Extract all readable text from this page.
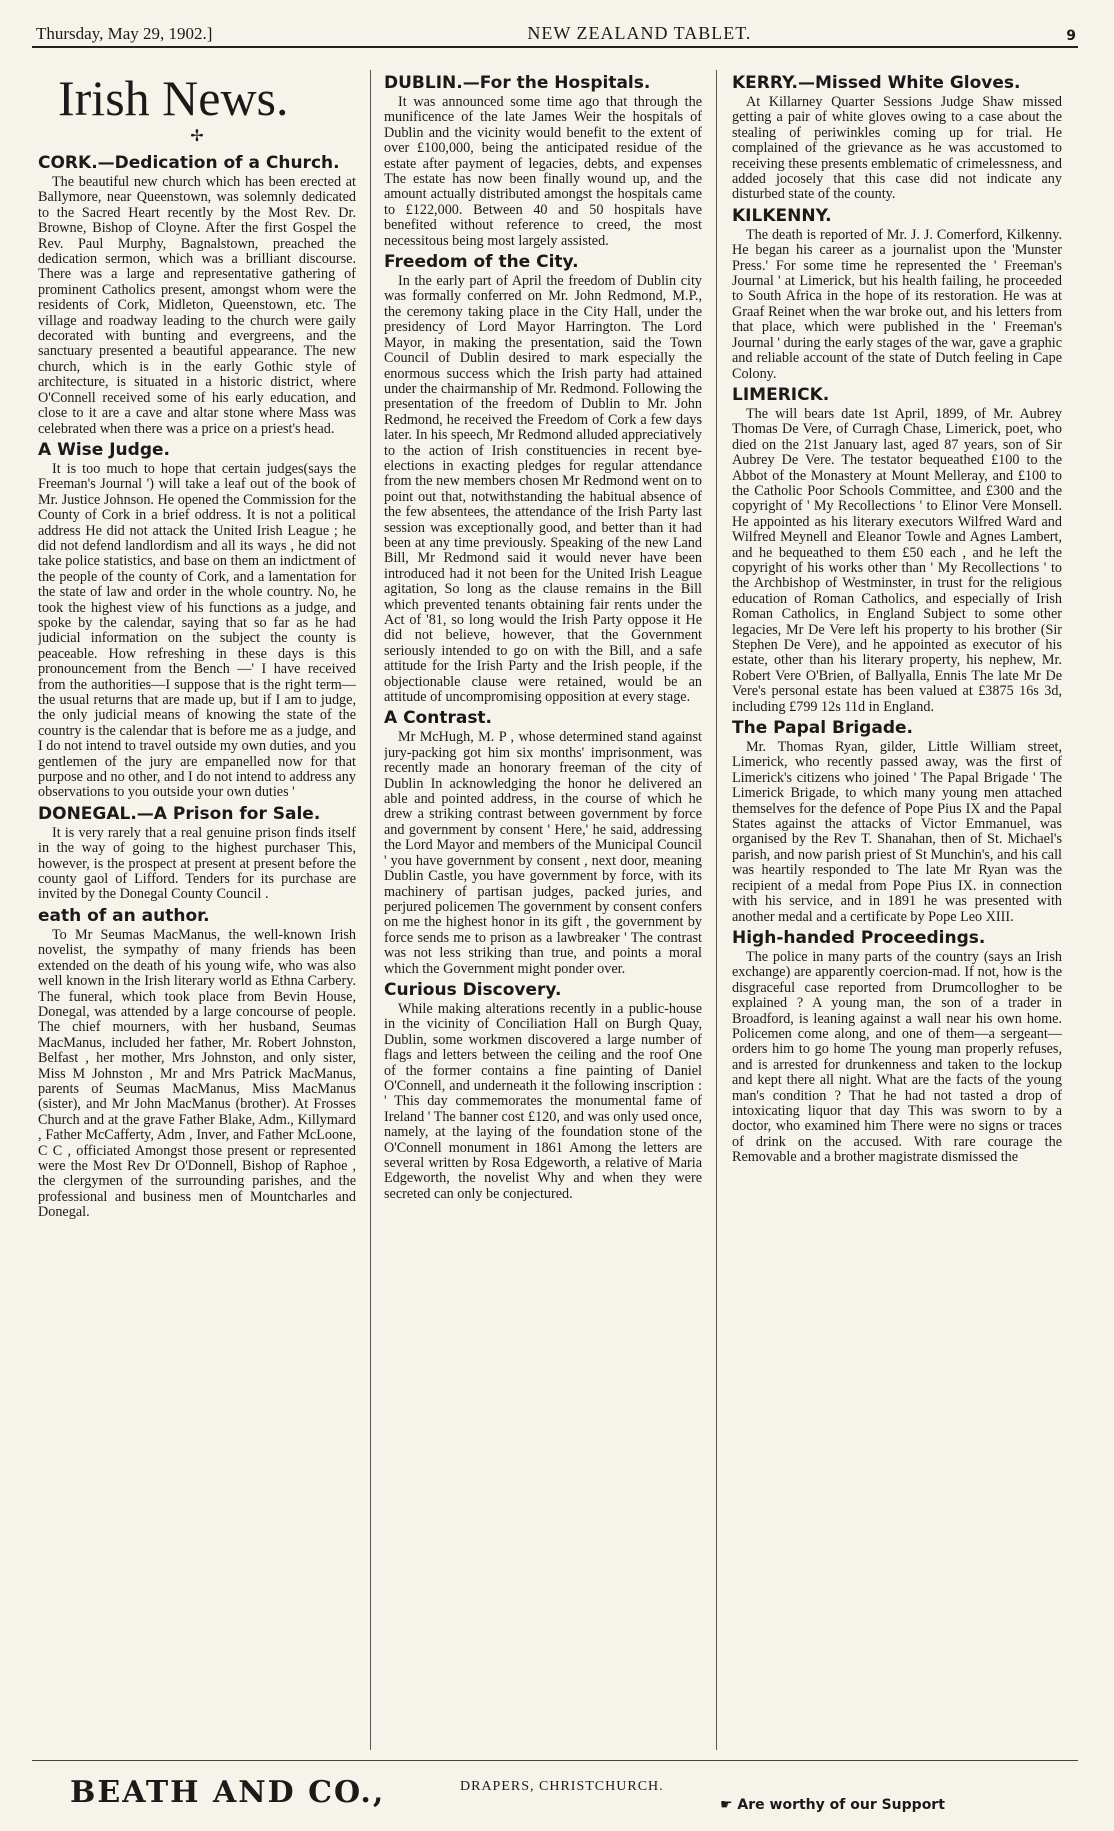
Thursday, May 29, 1902.]	NEW ZEALAND TABLET.	9
Irish News.
✢
CORK.—Dedication of a Church.

The beautiful new church which has been erected at Ballymore, near Queenstown, was solemnly dedicated to the Sacred Heart recently by the Most Rev. Dr. Browne, Bishop of Cloyne. After the first Gospel the Rev. Paul Murphy, Bagnalstown, preached the dedication sermon, which was a brilliant discourse. There was a large and representative gathering of prominent Catholics present, amongst whom were the residents of Cork, Midleton, Queenstown, etc. The village and roadway leading to the church were gaily decorated with bunting and evergreens, and the sanctuary presented a beautiful appearance. The new church, which is in the early Gothic style of architecture, is situated in a historic district, where O'Connell received some of his early education, and close to it are a cave and altar stone where Mass was celebrated when there was a price on a priest's head.

A Wise Judge.

It is too much to hope that certain judges(says the Freeman's Journal ') will take a leaf out of the book of Mr. Justice Johnson. He opened the Commission for the County of Cork in a brief oddress. It is not a political address He did not attack the United Irish League ; he did not defend landlordism and all its ways , he did not take police statistics, and base on them an indictment of the people of the county of Cork, and a lamentation for the state of law and order in the whole country. No, he took the highest view of his functions as a judge, and spoke by the calendar, saying that so far as he had judicial information on the subject the county is peaceable. How refreshing in these days is this pronouncement from the Bench —' I have received from the authorities—I suppose that is the right term—the usual returns that are made up, but if I am to judge, the only judicial means of knowing the state of the country is the calendar that is before me as a judge, and I do not intend to travel outside my own duties, and you gentlemen of the jury are empanelled now for that purpose and no other, and I do not intend to address any observations to you outside your own duties '

DONEGAL.—A Prison for Sale.

It is very rarely that a real genuine prison finds itself in the way of going to the highest purchaser This, however, is the prospect at present at present before the county gaol of Lifford. Tenders for its purchase are invited by the Donegal County Council .

eath of an author.

To Mr Seumas MacManus, the well-known Irish novelist, the sympathy of many friends has been extended on the death of his young wife, who was also well known in the Irish literary world as Ethna Carbery. The funeral, which took place from Bevin House, Donegal, was attended by a large concourse of people. The chief mourners, with her husband, Seumas MacManus, included her father, Mr. Robert Johnston, Belfast , her mother, Mrs Johnston, and only sister, Miss M Johnston , Mr and Mrs Patrick MacManus, parents of Seumas MacManus, Miss MacManus (sister), and Mr John MacManus (brother). At Frosses Church and at the grave Father Blake, Adm., Killymard , Father McCafferty, Adm , Inver, and Father McLoone, C C , officiated Amongst those present or represented were the Most Rev Dr O'Donnell, Bishop of Raphoe , the clergymen of the surrounding parishes, and the professional and business men of Mountcharles and Donegal.

DUBLIN.—For the Hospitals.

It was announced some time ago that through the munificence of the late James Weir the hospitals of Dublin and the vicinity would benefit to the extent of over £100,000, being the anticipated residue of the estate after payment of legacies, debts, and expenses The estate has now been finally wound up, and the amount actually distributed amongst the hospitals came to £122,000. Between 40 and 50 hospitals have benefited without reference to creed, the most necessitous being most largely assisted.

Freedom of the City.

In the early part of April the freedom of Dublin city was formally conferred on Mr. John Redmond, M.P., the ceremony taking place in the City Hall, under the presidency of Lord Mayor Harrington. The Lord Mayor, in making the presentation, said the Town Council of Dublin desired to mark especially the enormous success which the Irish party had attained under the chairmanship of Mr. Redmond. Following the presentation of the freedom of Dublin to Mr. John Redmond, he received the Freedom of Cork a few days later. In his speech, Mr Redmond alluded appreciatively to the action of Irish constituencies in recent bye-elections in exacting pledges for regular attendance from the new members chosen Mr Redmond went on to point out that, notwithstanding the habitual absence of the few absentees, the attendance of the Irish Party last session was exceptionally good, and better than it had been at any time previously. Speaking of the new Land Bill, Mr Redmond said it would never have been introduced had it not been for the United Irish League agitation, So long as the clause remains in the Bill which prevented tenants obtaining fair rents under the Act of '81, so long would the Irish Party oppose it He did not believe, however, that the Government seriously intended to go on with the Bill, and a safe attitude for the Irish Party and the Irish people, if the objectionable clause were retained, would be an attitude of uncompromising opposition at every stage.

A Contrast.

Mr McHugh, M. P , whose determined stand against jury-packing got him six months' imprisonment, was recently made an honorary freeman of the city of Dublin In acknowledging the honor he delivered an able and pointed address, in the course of which he drew a striking contrast between government by force and government by consent ' Here,' he said, addressing the Lord Mayor and members of the Municipal Council ' you have government by consent , next door, meaning Dublin Castle, you have government by force, with its machinery of partisan judges, packed juries, and perjured policemen The government by consent confers on me the highest honor in its gift , the government by force sends me to prison as a lawbreaker ' The contrast was not less striking than true, and points a moral which the Government might ponder over.

Curious Discovery.

While making alterations recently in a public-house in the vicinity of Conciliation Hall on Burgh Quay, Dublin, some workmen discovered a large number of flags and letters between the ceiling and the roof One of the former contains a fine painting of Daniel O'Connell, and underneath it the following inscription : ' This day commemorates the monumental fame of Ireland ' The banner cost £120, and was only used once, namely, at the laying of the foundation stone of the O'Connell monument in 1861 Among the letters are several written by Rosa Edgeworth, a relative of Maria Edgeworth, the novelist Why and when they were secreted can only be conjectured.

KERRY.—Missed White Gloves.

At Killarney Quarter Sessions Judge Shaw missed getting a pair of white gloves owing to a case about the stealing of periwinkles coming up for trial. He complained of the grievance as he was accustomed to receiving these presents emblematic of crimelessness, and added jocosely that this case did not indicate any disturbed state of the county.

KILKENNY.

The death is reported of Mr. J. J. Comerford, Kilkenny. He began his career as a journalist upon the 'Munster Press.' For some time he represented the ' Freeman's Journal ' at Limerick, but his health failing, he proceeded to South Africa in the hope of its restoration. He was at Graaf Reinet when the war broke out, and his letters from that place, which were published in the ' Freeman's Journal ' during the early stages of the war, gave a graphic and reliable account of the state of Dutch feeling in Cape Colony.

LIMERICK.

The will bears date 1st April, 1899, of Mr. Aubrey Thomas De Vere, of Curragh Chase, Limerick, poet, who died on the 21st January last, aged 87 years, son of Sir Aubrey De Vere. The testator bequeathed £100 to the Abbot of the Monastery at Mount Melleray, and £100 to the Catholic Poor Schools Committee, and £300 and the copyright of ' My Recollections ' to Elinor Vere Monsell. He appointed as his literary executors Wilfred Ward and Wilfred Meynell and Eleanor Towle and Agnes Lambert, and he bequeathed to them £50 each , and he left the copyright of his works other than ' My Recollections ' to the Archbishop of Westminster, in trust for the religious education of Roman Catholics, and especially of Irish Roman Catholics, in England Subject to some other legacies, Mr De Vere left his property to his brother (Sir Stephen De Vere), and he appointed as executor of his estate, other than his literary property, his nephew, Mr. Robert Vere O'Brien, of Ballyalla, Ennis The late Mr De Vere's personal estate has been valued at £3875 16s 3d, including £799 12s 11d in England.

The Papal Brigade.

Mr. Thomas Ryan, gilder, Little William street, Limerick, who recently passed away, was the first of Limerick's citizens who joined ' The Papal Brigade ' The Limerick Brigade, to which many young men attached themselves for the defence of Pope Pius IX and the Papal States against the attacks of Victor Emmanuel, was organised by the Rev T. Shanahan, then of St. Michael's parish, and now parish priest of St Munchin's, and his call was heartily responded to The late Mr Ryan was the recipient of a medal from Pope Pius IX. in connection with his service, and in 1891 he was presented with another medal and a certificate by Pope Leo XIII.

High-handed Proceedings.

The police in many parts of the country (says an Irish exchange) are apparently coercion-mad. If not, how is the disgraceful case reported from Drumcollogher to be explained ? A young man, the son of a trader in Broadford, is leaning against a wall near his own home. Policemen come along, and one of them—a sergeant—orders him to go home The young man properly refuses, and is arrested for drunkenness and taken to the lockup and kept there all night. What are the facts of the young man's condition ? That he had not tasted a drop of intoxicating liquor that day This was sworn to by a doctor, who examined him There were no signs or traces of drink on the accused. With rare courage the Removable and a brother magistrate dismissed the

BEATH AND CO.,	DRAPERS, CHRISTCHURCH.
☛ Are worthy of our Support
